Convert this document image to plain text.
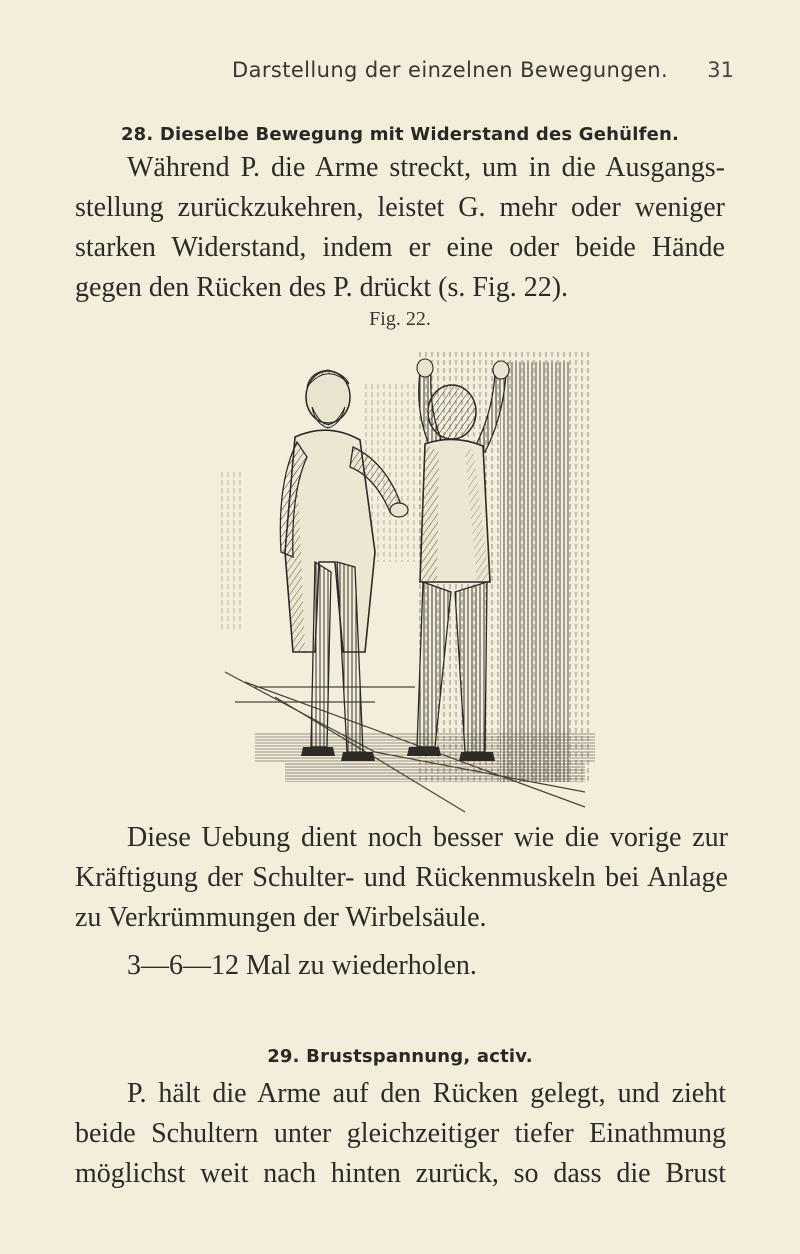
Darstellung der einzelnen Bewegungen. 31
28. Dieselbe Bewegung mit Widerstand des Gehülfen.
Während P. die Arme streckt, um in die Ausgangs-
stellung zurückzukehren, leistet G. mehr oder weniger
starken Widerstand, indem er eine oder beide Hände
gegen den Rücken des P. drückt (s. Fig. 22).
Fig. 22.
Diese Uebung dient noch besser wie die vorige zur
Kräftigung der Schulter- und Rückenmuskeln bei Anlage
zu Verkrümmungen der Wirbelsäule.
3—6—12 Mal zu wiederholen.
29. Brustspannung, activ.
P. hält die Arme auf den Rücken gelegt, und zieht
beide Schultern unter gleichzeitiger tiefer Einathmung
möglichst weit nach hinten zurück, so dass die Brust
